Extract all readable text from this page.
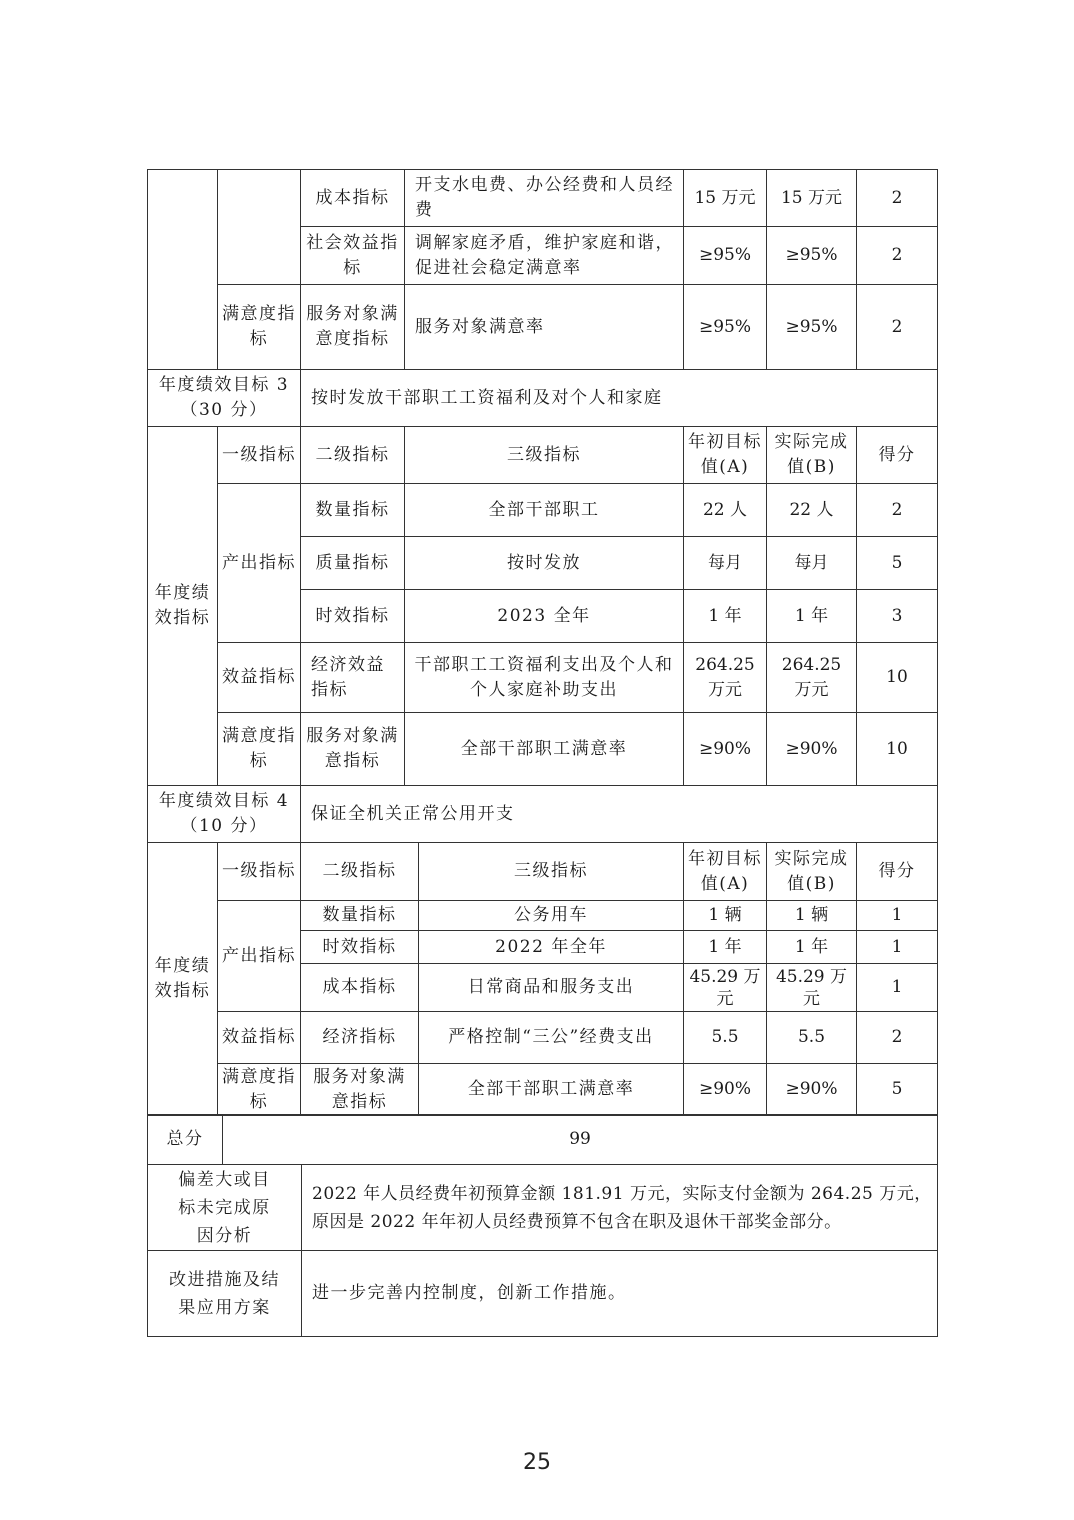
		成本指标	开支水电费、办公经费和人员经费	15 万元	15 万元	2
		社会效益指标	调解家庭矛盾，维护家庭和谐，促进社会稳定满意率	≥95%	≥95%	2
	满意度指标	服务对象满意度指标	服务对象满意率	≥95%	≥95%	2
年度绩效目标 3
（30 分）		按时发放干部职工工资福利及对个人和家庭				
年度绩效指标	一级指标	二级指标	三级指标	年初目标值(A)	实际完成值(B)	得分
	产出指标	数量指标	全部干部职工	22 人	22 人	2
		质量指标	按时发放	每月	每月	5
		时效指标	2023 全年	1 年	1 年	3
	效益指标	经济效益指标	干部职工工资福利支出及个人和个人家庭补助支出	264.25 万元	264.25 万元	10
	满意度指标	服务对象满意指标	全部干部职工满意率	≥90%	≥90%	10
年度绩效目标 4
（10 分）		保证全机关正常公用开支				
年度绩效指标	一级指标	二级指标	三级指标	年初目标值(A)	实际完成值(B)	得分
	产出指标	数量指标	公务用车	1 辆	1 辆	1
		时效指标	2022 年全年	1 年	1 年	1
		成本指标	日常商品和服务支出	45.29 万元	45.29 万元	1
	效益指标	经济指标	严格控制“三公”经费支出	5.5	5.5	2
	满意度指标	服务对象满意指标	全部干部职工满意率	≥90%	≥90%	5
总分	99	
偏差大或目标未完成原因分析		2022 年人员经费年初预算金额 181.91 万元，实际支付金额为 264.25 万元，原因是 2022 年年初人员经费预算不包含在职及退休干部奖金部分。
改进措施及结果应用方案		进一步完善内控制度，创新工作措施。
25
